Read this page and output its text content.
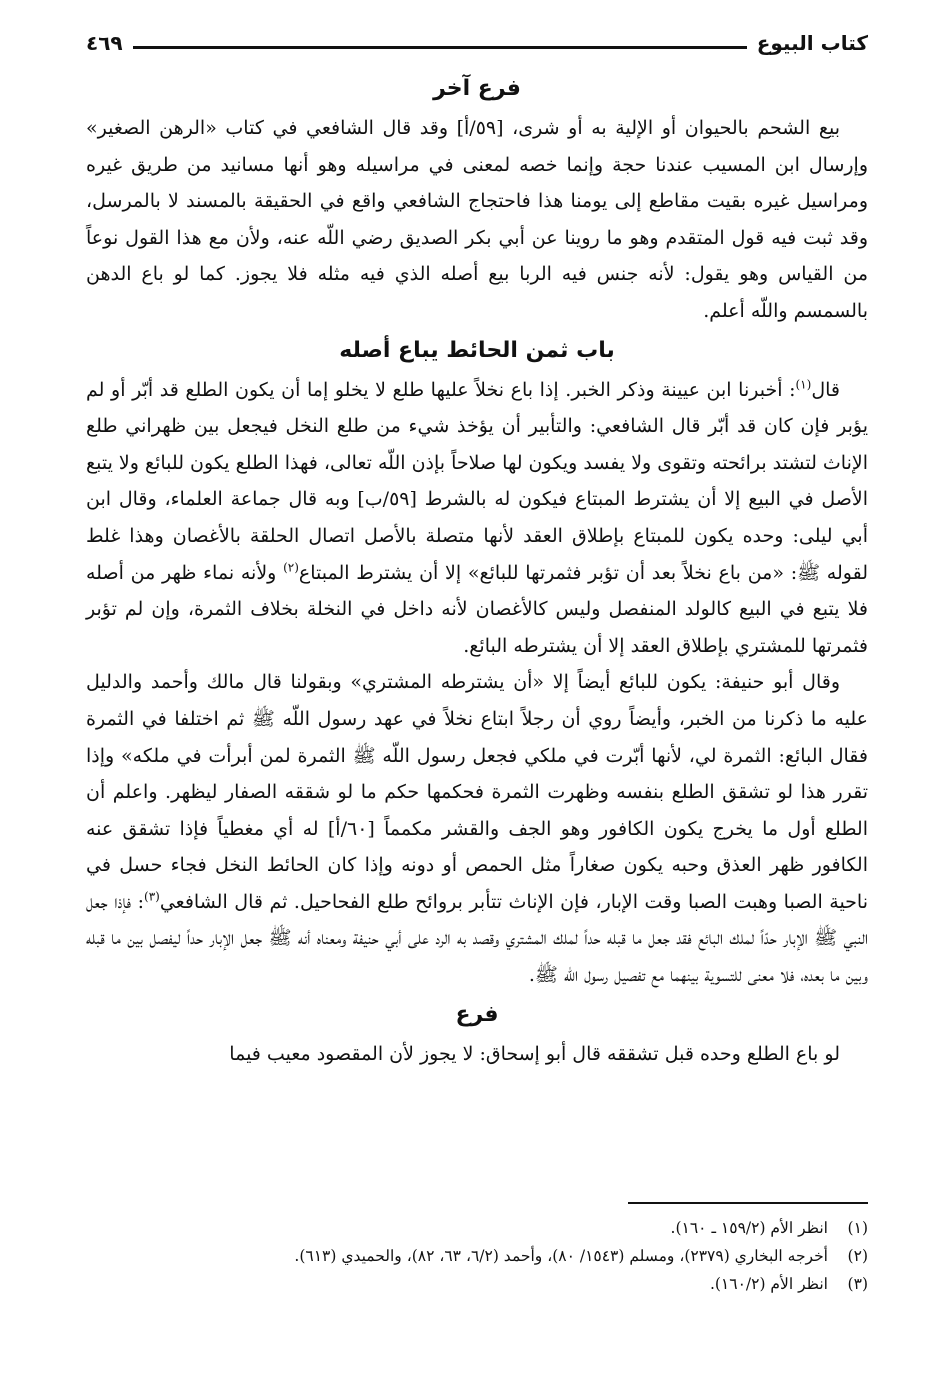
كتاب البيوع
٤٦٩
فرع آخر

بيع الشحم بالحيوان أو الإلية به أو شرى، [٥٩/أ] وقد قال الشافعي في كتاب «الرهن الصغير» وإرسال ابن المسيب عندنا حجة وإنما خصه لمعنى في مراسيله وهو أنها مسانيد من طريق غيره ومراسيل غيره بقيت مقاطع إلى يومنا هذا فاحتجاج الشافعي واقع في الحقيقة بالمسند لا بالمرسل، وقد ثبت فيه قول المتقدم وهو ما روينا عن أبي بكر الصديق رضي اللّه عنه، ولأن مع هذا القول نوعاً من القياس وهو يقول: لأنه جنس فيه الربا بيع أصله الذي فيه مثله فلا يجوز. كما لو باع الدهن بالسمسم واللّه أعلم.

باب ثمن الحائط يباع أصله

قال$^{(١)}$: أخبرنا ابن عيينة وذكر الخبر. إذا باع نخلاً عليها طلع لا يخلو إما أن يكون الطلع قد أبّر أو لم يؤبر فإن كان قد أبّر قال الشافعي: والتأبير أن يؤخذ شيء من طلع النخل فيجعل بين ظهراني طلع الإناث لتشتد برائحته وتقوى ولا يفسد ويكون لها صلاحاً بإذن اللّه تعالى، فهذا الطلع يكون للبائع ولا يتبع الأصل في البيع إلا أن يشترط المبتاع فيكون له بالشرط [٥٩/ب] وبه قال جماعة العلماء، وقال ابن أبي ليلى: وحده يكون للمبتاع بإطلاق العقد لأنها متصلة بالأصل اتصال الحلقة بالأغصان وهذا غلط لقوله ﷺ: «من باع نخلاً بعد أن تؤبر فثمرتها للبائع» إلا أن يشترط المبتاع$^{(٢)}$ ولأنه نماء ظهر من أصله فلا يتبع في البيع كالولد المنفصل وليس كالأغصان لأنه داخل في النخلة بخلاف الثمرة، وإن لم تؤبر فثمرتها للمشتري بإطلاق العقد إلا أن يشترطه البائع.

وقال أبو حنيفة: يكون للبائع أيضاً إلا «أن يشترطه المشتري» وبقولنا قال مالك وأحمد والدليل عليه ما ذكرنا من الخبر، وأيضاً روي أن رجلاً ابتاع نخلاً في عهد رسول اللّه ﷺ ثم اختلفا في الثمرة فقال البائع: الثمرة لي، لأنها أبّرت في ملكي فجعل رسول اللّه ﷺ الثمرة لمن أبرأت في ملكه» وإذا تقرر هذا لو تشقق الطلع بنفسه وظهرت الثمرة فحكمها حكم ما لو شققه الصفار ليظهر. واعلم أن الطلع أول ما يخرج يكون الكافور وهو الجف والقشر مكمماً [٦٠/أ] له أي مغطياً فإذا تشقق عنه الكافور ظهر العذق وحبه يكون صغاراً مثل الحمص أو دونه وإذا كان الحائط النخل فجاء حسل في ناحية الصبا وهبت الصبا وقت الإبار، فإن الإناث تتأبر بروائح طلع الفحاحيل. ثم قال الشافعي$^{(٣)}$: فإذا جعل النبي ﷺ الإبار حدّاً لملك البائع فقد جعل ما قبله حداً لملك المشتري وقصد به الرد على أبي حنيفة ومعناه أنه ﷺ جعل الإبار حداً ليفصل بين ما قبله وبين ما بعده، فلا معنى للتسوية بينهما مع تفصيل رسول اللّه ﷺ.

فرع

لو باع الطلع وحده قبل تشققه قال أبو إسحاق: لا يجوز لأن المقصود معيب فيما

(١)انظر الأم (١٥٩/٢ ـ ١٦٠).

(٢)أخرجه البخاري (٢٣٧٩)، ومسلم (١٥٤٣/ ٨٠)، وأحمد (٦/٢، ٦٣، ٨٢)، والحميدي (٦١٣).

(٣)انظر الأم (١٦٠/٢).
